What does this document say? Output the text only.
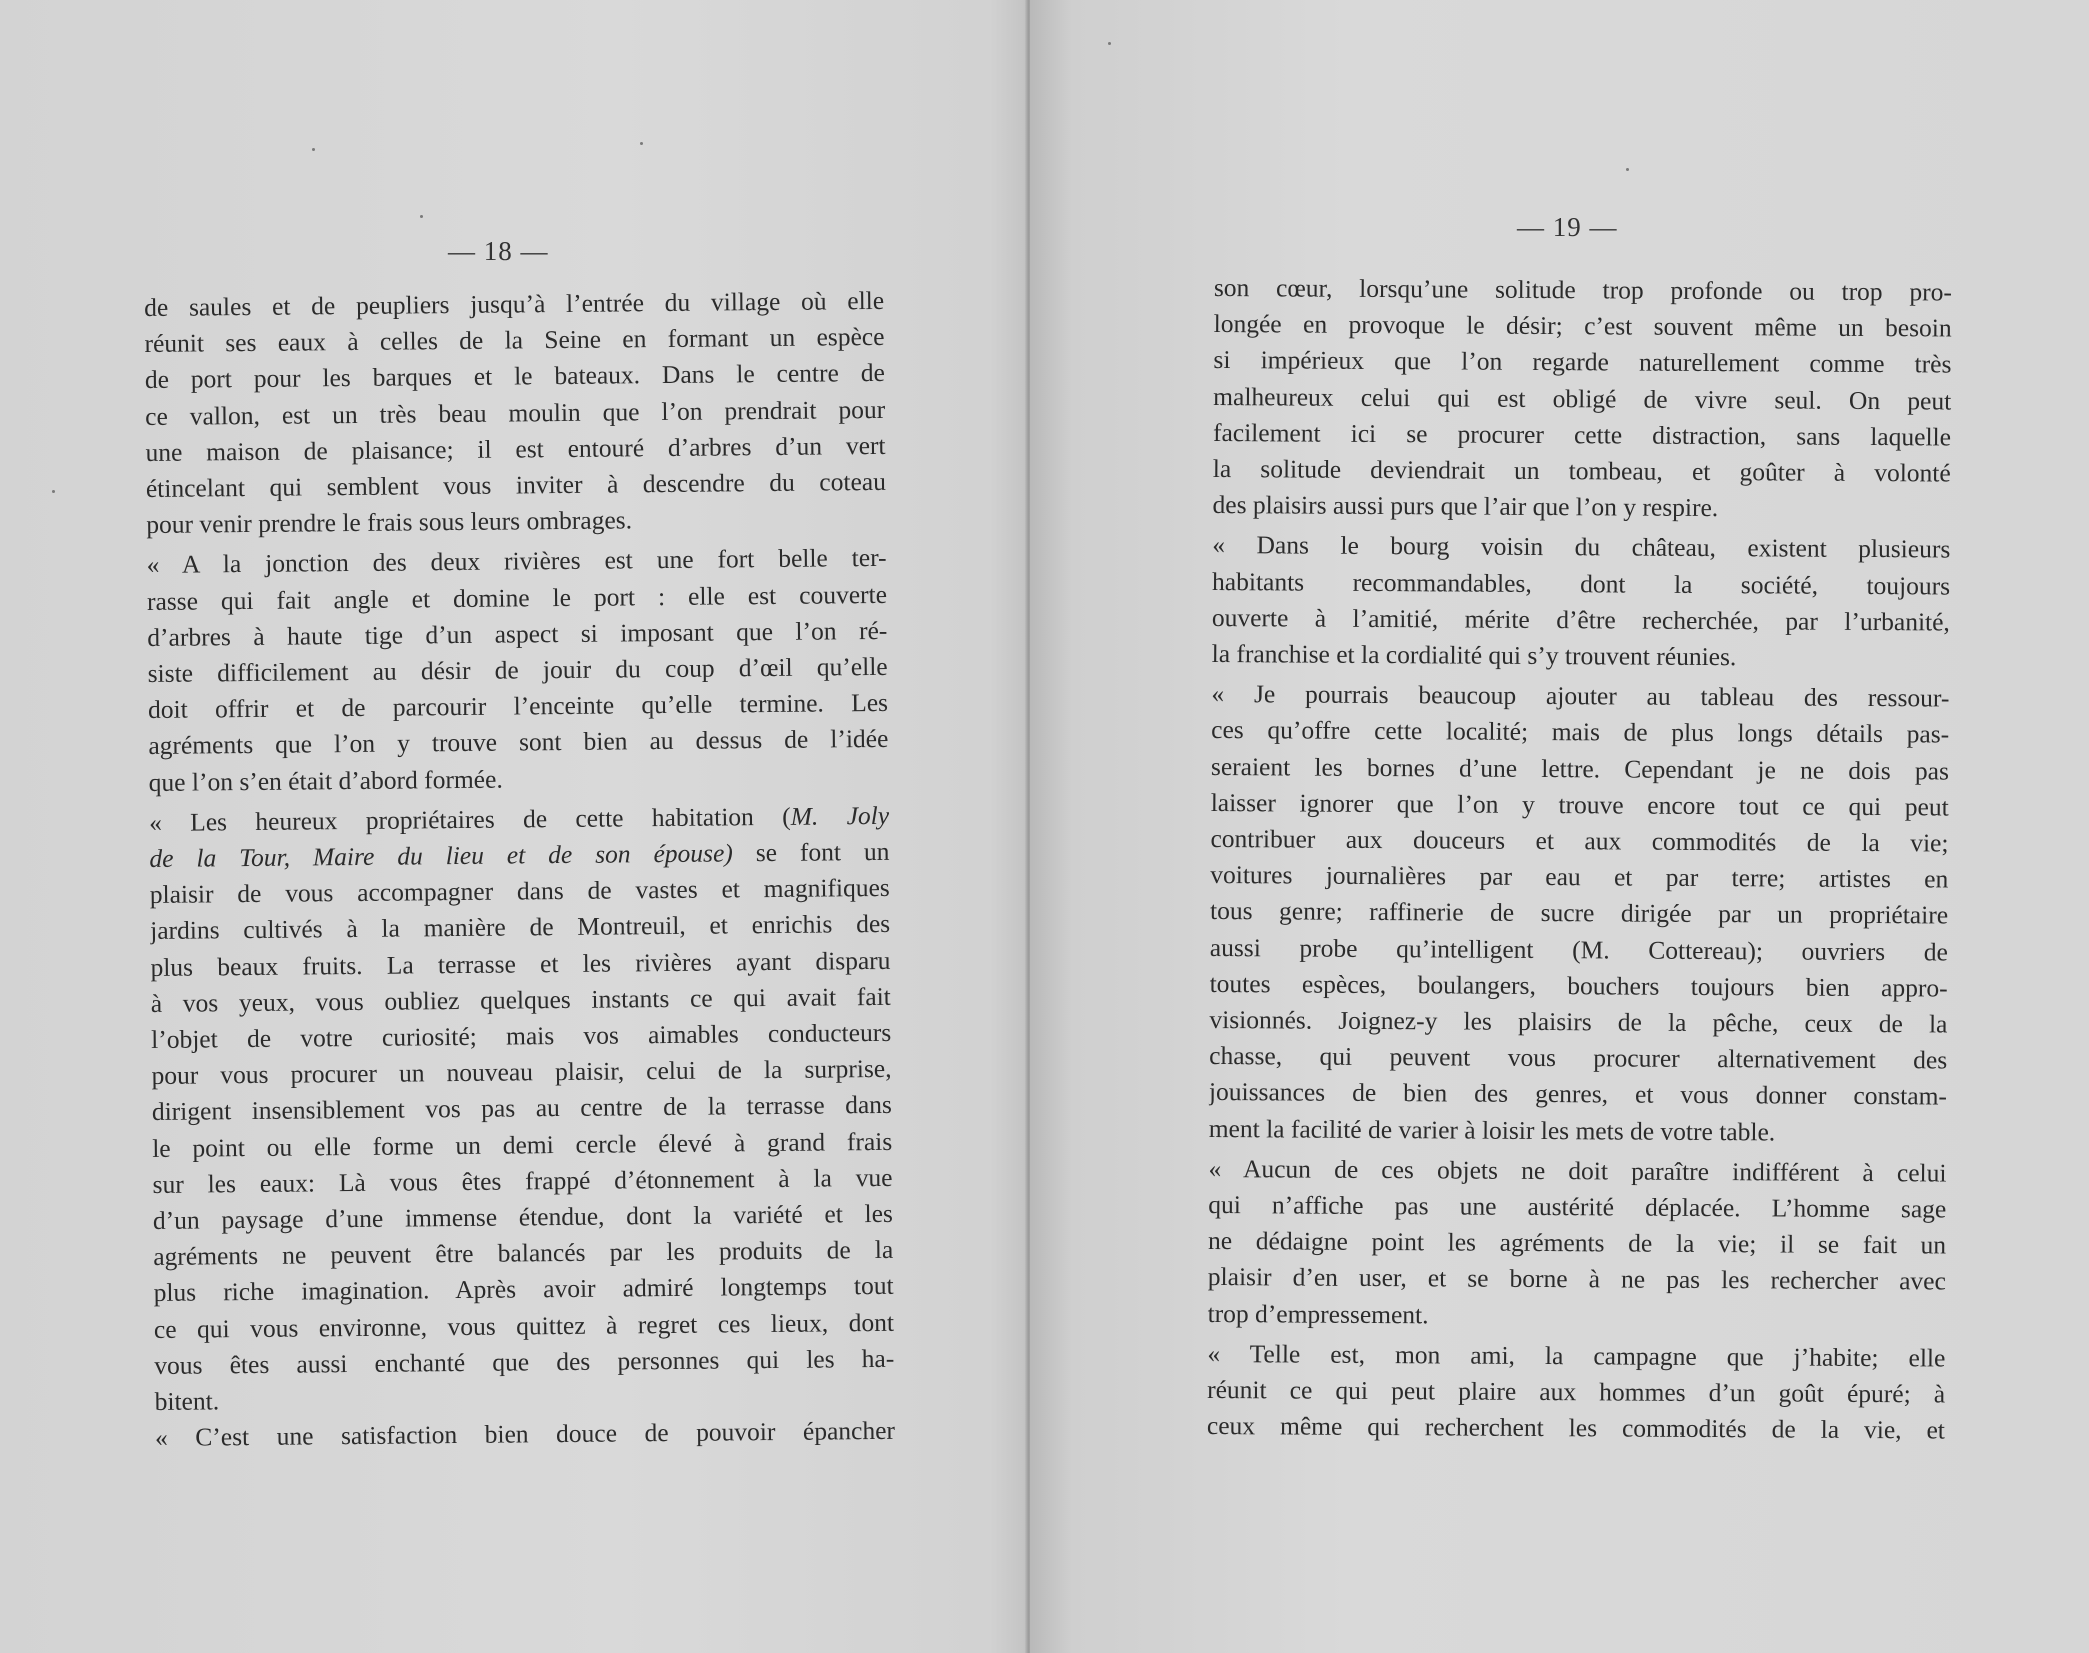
— 18 —
de saules et de peupliers jusqu’à l’entrée du village où elle
réunit ses eaux à celles de la Seine en formant un espèce
de port pour les barques et le bateaux. Dans le centre de
ce vallon, est un très beau moulin que l’on prendrait pour
une maison de plaisance; il est entouré d’arbres d’un vert
étincelant qui semblent vous inviter à descendre du coteau
pour venir prendre le frais sous leurs ombrages.
« A la jonction des deux rivières est une fort belle ter-
rasse qui fait angle et domine le port : elle est couverte
d’arbres à haute tige d’un aspect si imposant que l’on ré-
siste difficilement au désir de jouir du coup d’œil qu’elle
doit offrir et de parcourir l’enceinte qu’elle termine. Les
agréments que l’on y trouve sont bien au dessus de l’idée
que l’on s’en était d’abord formée.
« Les heureux propriétaires de cette habitation (M. Joly
de la Tour, Maire du lieu et de son épouse) se font un
plaisir de vous accompagner dans de vastes et magnifiques
jardins cultivés à la manière de Montreuil, et enrichis des
plus beaux fruits. La terrasse et les rivières ayant disparu
à vos yeux, vous oubliez quelques instants ce qui avait fait
l’objet de votre curiosité; mais vos aimables conducteurs
pour vous procurer un nouveau plaisir, celui de la surprise,
dirigent insensiblement vos pas au centre de la terrasse dans
le point ou elle forme un demi cercle élevé à grand frais
sur les eaux: Là vous êtes frappé d’étonnement à la vue
d’un paysage d’une immense étendue, dont la variété et les
agréments ne peuvent être balancés par les produits de la
plus riche imagination. Après avoir admiré longtemps tout
ce qui vous environne, vous quittez à regret ces lieux, dont
vous êtes aussi enchanté que des personnes qui les ha-
bitent.
« C’est une satisfaction bien douce de pouvoir épancher
— 19 —
son cœur, lorsqu’une solitude trop profonde ou trop pro-
longée en provoque le désir; c’est souvent même un besoin
si impérieux que l’on regarde naturellement comme très
malheureux celui qui est obligé de vivre seul. On peut
facilement ici se procurer cette distraction, sans laquelle
la solitude deviendrait un tombeau, et goûter à volonté
des plaisirs aussi purs que l’air que l’on y respire.
« Dans le bourg voisin du château, existent plusieurs
habitants recommandables, dont la société, toujours
ouverte à l’amitié, mérite d’être recherchée, par l’urbanité,
la franchise et la cordialité qui s’y trouvent réunies.
« Je pourrais beaucoup ajouter au tableau des ressour-
ces qu’offre cette localité; mais de plus longs détails pas-
seraient les bornes d’une lettre. Cependant je ne dois pas
laisser ignorer que l’on y trouve encore tout ce qui peut
contribuer aux douceurs et aux commodités de la vie;
voitures journalières par eau et par terre; artistes en
tous genre; raffinerie de sucre dirigée par un propriétaire
aussi probe qu’intelligent (M. Cottereau); ouvriers de
toutes espèces, boulangers, bouchers toujours bien appro-
visionnés. Joignez-y les plaisirs de la pêche, ceux de la
chasse, qui peuvent vous procurer alternativement des
jouissances de bien des genres, et vous donner constam-
ment la facilité de varier à loisir les mets de votre table.
« Aucun de ces objets ne doit paraître indifférent à celui
qui n’affiche pas une austérité déplacée. L’homme sage
ne dédaigne point les agréments de la vie; il se fait un
plaisir d’en user, et se borne à ne pas les rechercher avec
trop d’empressement.
« Telle est, mon ami, la campagne que j’habite; elle
réunit ce qui peut plaire aux hommes d’un goût épuré; à
ceux même qui recherchent les commodités de la vie, et
